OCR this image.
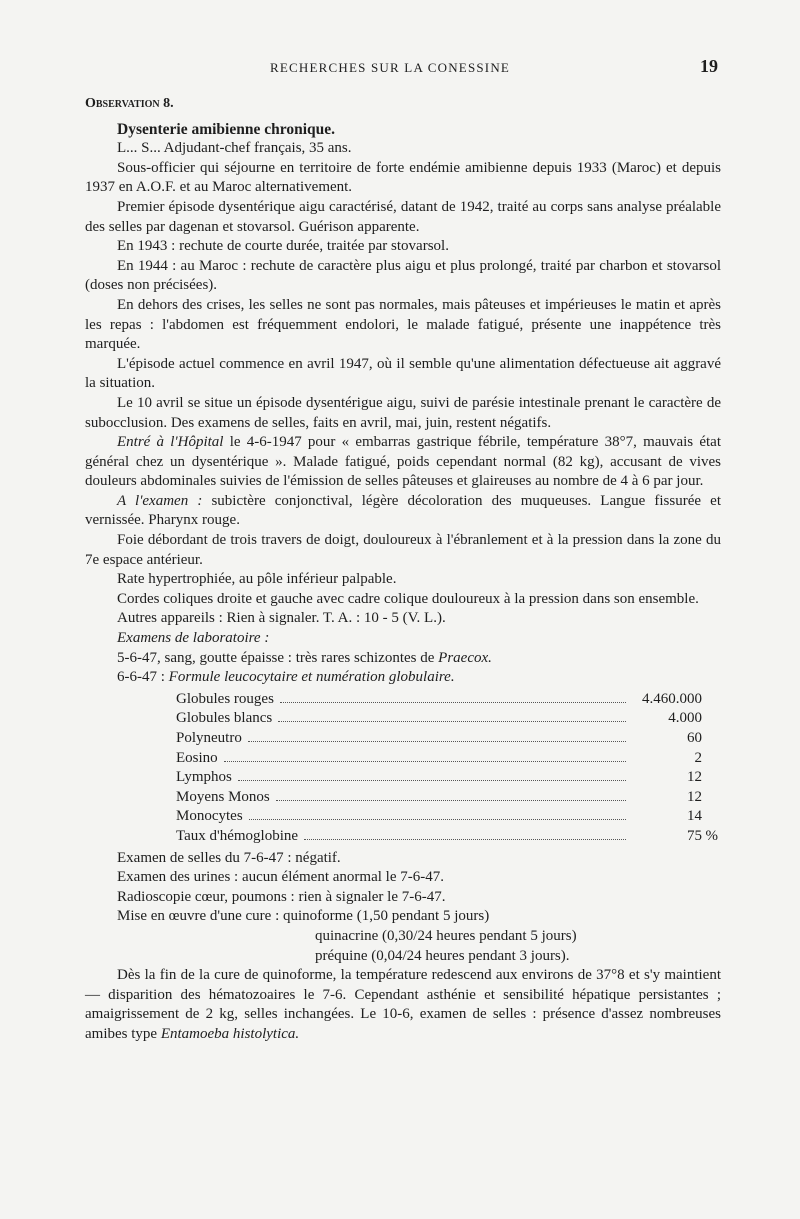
RECHERCHES SUR LA CONESSINE	19

Observation 8.

Dysenterie amibienne chronique.

L... S... Adjudant-chef français, 35 ans.

Sous-officier qui séjourne en territoire de forte endémie amibienne depuis 1933 (Maroc) et depuis 1937 en A.O.F. et au Maroc alternativement.

Premier épisode dysentérique aigu caractérisé, datant de 1942, traité au corps sans analyse préalable des selles par dagenan et stovarsol. Guérison apparente.

En 1943 : rechute de courte durée, traitée par stovarsol.

En 1944 : au Maroc : rechute de caractère plus aigu et plus prolongé, traité par charbon et stovarsol (doses non précisées).

En dehors des crises, les selles ne sont pas normales, mais pâteuses et impérieuses le matin et après les repas : l'abdomen est fréquemment endolori, le malade fatigué, présente une inappétence très marquée.

L'épisode actuel commence en avril 1947, où il semble qu'une alimentation défectueuse ait aggravé la situation.

Le 10 avril se situe un épisode dysentérigue aigu, suivi de parésie intestinale prenant le caractère de subocclusion. Des examens de selles, faits en avril, mai, juin, restent négatifs.

Entré à l'Hôpital le 4-6-1947 pour « embarras gastrique fébrile, température 38°7, mauvais état général chez un dysentérique ». Malade fatigué, poids cependant normal (82 kg), accusant de vives douleurs abdominales suivies de l'émission de selles pâteuses et glaireuses au nombre de 4 à 6 par jour.

A l'examen : subictère conjonctival, légère décoloration des muqueuses. Langue fissurée et vernissée. Pharynx rouge.

Foie débordant de trois travers de doigt, douloureux à l'ébranlement et à la pression dans la zone du 7e espace antérieur.

Rate hypertrophiée, au pôle inférieur palpable.

Cordes coliques droite et gauche avec cadre colique douloureux à la pression dans son ensemble.

Autres appareils : Rien à signaler. T. A. : 10 - 5 (V. L.).

Examens de laboratoire :

5-6-47, sang, goutte épaisse : très rares schizontes de Praecox.

6-6-47 : Formule leucocytaire et numération globulaire.

Globules rouges	4.460.000
Globules blancs	4.000
Polyneutro	60
Eosino	2
Lymphos	12
Moyens Monos	12
Monocytes	14
Taux d'hémoglobine	75 %

Examen de selles du 7-6-47 : négatif.

Examen des urines : aucun élément anormal le 7-6-47.

Radioscopie cœur, poumons : rien à signaler le 7-6-47.

Mise en œuvre d'une cure : quinoforme (1,50 pendant 5 jours)

quinacrine (0,30/24 heures pendant 5 jours)

préquine (0,04/24 heures pendant 3 jours).

Dès la fin de la cure de quinoforme, la température redescend aux environs de 37°8 et s'y maintient — disparition des hématozoaires le 7-6. Cependant asthénie et sensibilité hépatique persistantes ; amaigrissement de 2 kg, selles inchangées. Le 10-6, examen de selles : présence d'assez nombreuses amibes type Entamoeba histolytica.
